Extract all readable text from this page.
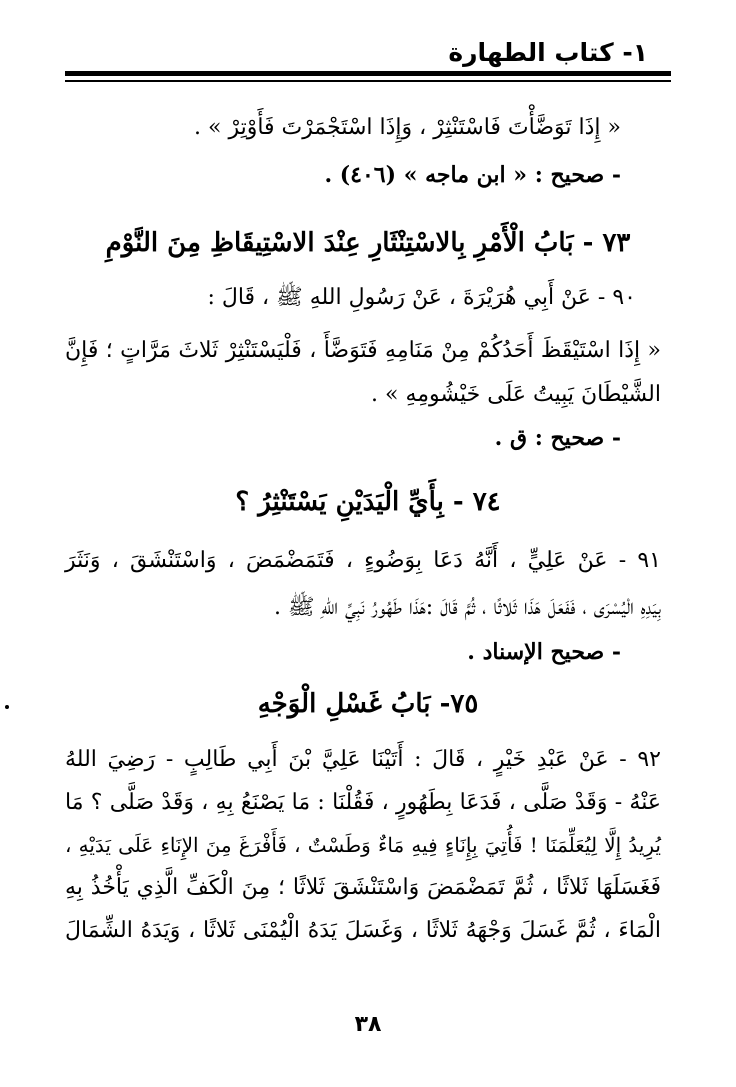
١- كتاب الطهارة
« إِذَا تَوَضَّأْتَ فَاسْتَنْثِرْ ، وَإِذَا اسْتَجْمَرْتَ فَأَوْتِرْ » .
- صحيح : « ابن ماجه » (٤٠٦) .
٧٣ - بَابُ الْأَمْرِ بِالاسْتِنْثَارِ عِنْدَ الاسْتِيقَاظِ مِنَ النَّوْمِ
٩٠ - عَنْ أَبِي هُرَيْرَةَ ، عَنْ رَسُولِ اللهِ ﷺ ، قَالَ :
« إِذَا اسْتَيْقَظَ أَحَدُكُمْ مِنْ مَنَامِهِ فَتَوَضَّأَ ، فَلْيَسْتَنْثِرْ ثَلاثَ مَرَّاتٍ ؛ فَإِنَّ
الشَّيْطَانَ يَبِيتُ عَلَى خَيْشُومِهِ » .
- صحيح : ق .
٧٤ - بِأَيِّ الْيَدَيْنِ يَسْتَنْثِرُ ؟
٩١ - عَنْ عَلِيٍّ ، أَنَّهُ دَعَا بِوَضُوءٍ ، فَتَمَضْمَضَ ، وَاسْتَنْشَقَ ، وَنَثَرَ
بِيَدِهِ الْيُسْرَى ، فَفَعَلَ هَذَا ثَلاثًا ، ثُمَّ قَالَ :هَذَا طَهُورُ نَبِيِّ اللهِ ﷺ .
- صحيح الإسناد .
٧٥- بَابُ غَسْلِ الْوَجْهِ
٩٢ - عَنْ عَبْدِ خَيْرٍ ، قَالَ : أَتَيْنَا عَلِيَّ بْنَ أَبِي طَالِبٍ - رَضِيَ اللهُ
عَنْهُ - وَقَدْ صَلَّى ، فَدَعَا بِطَهُورٍ ، فَقُلْنَا : مَا يَصْنَعُ بِهِ ، وَقَدْ صَلَّى ؟ مَا
يُرِيدُ إِلَّا لِيُعَلِّمَنَا ! فَأُتِيَ بِإِنَاءٍ فِيهِ مَاءٌ وَطَسْتٌ ، فَأَفْرَغَ مِنَ الإِنَاءِ عَلَى يَدَيْهِ ،
فَغَسَلَهَا ثَلاثًا ، ثُمَّ تَمَضْمَضَ وَاسْتَنْشَقَ ثَلاثًا ؛ مِنَ الْكَفِّ الَّذِي يَأْخُذُ بِهِ
الْمَاءَ ، ثُمَّ غَسَلَ وَجْهَهُ ثَلاثًا ، وَغَسَلَ يَدَهُ الْيُمْنَى ثَلاثًا ، وَيَدَهُ الشِّمَالَ
٣٨
